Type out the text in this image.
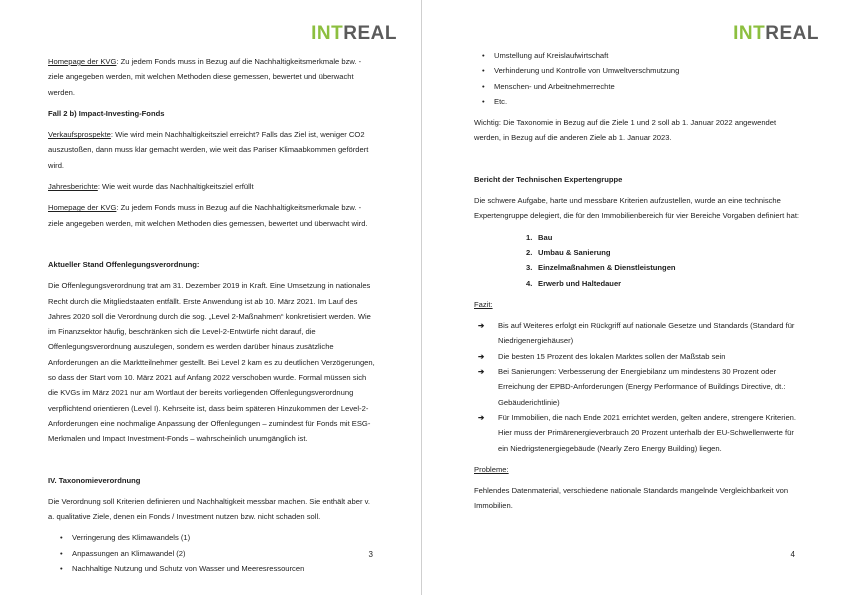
INTREAL

Homepage der KVG: Zu jedem Fonds muss in Bezug auf die Nachhaltigkeitsmerkmale bzw. -ziele angegeben werden, mit welchen Methoden diese gemessen, bewertet und überwacht werden.

Fall 2 b) Impact-Investing-Fonds

Verkaufsprospekte: Wie wird mein Nachhaltigkeitsziel erreicht? Falls das Ziel ist, weniger CO2 auszustoßen, dann muss klar gemacht werden, wie weit das Pariser Klimaabkommen gefördert wird.

Jahresberichte: Wie weit wurde das Nachhaltigkeitsziel erfüllt

Homepage der KVG: Zu jedem Fonds muss in Bezug auf die Nachhaltigkeitsmerkmale bzw. -ziele angegeben werden, mit welchen Methoden dies gemessen, bewertet und überwacht wird.

Aktueller Stand Offenlegungsverordnung:

Die Offenlegungsverordnung trat am 31. Dezember 2019 in Kraft. Eine Umsetzung in nationales Recht durch die Mitgliedstaaten entfällt. Erste Anwendung ist ab 10. März 2021. Im Lauf des Jahres 2020 soll die Verordnung durch die sog. „Level 2-Maßnahmen“ konkretisiert werden. Wie im Finanzsektor häufig, beschränken sich die Level-2-Entwürfe nicht darauf, die Offenlegungsverordnung auszulegen, sondern es werden darüber hinaus zusätzliche Anforderungen an die Marktteilnehmer gestellt. Bei Level 2 kam es zu deutlichen Verzögerungen, so dass der Start vom 10. März 2021 auf Anfang 2022 verschoben wurde. Formal müssen sich die KVGs im März 2021 nur am Wortlaut der bereits vorliegenden Offenlegungsverordnung verpflichtend orientieren (Level I). Kehrseite ist, dass beim späteren Hinzukommen der Level-2-Anforderungen eine nochmalige Anpassung der Offenlegungen – zumindest für Fonds mit ESG-Merkmalen und Impact Investment-Fonds – wahrscheinlich unumgänglich ist.

IV. Taxonomieverordnung

Die Verordnung soll Kriterien definieren und Nachhaltigkeit messbar machen. Sie enthält aber v. a. qualitative Ziele, denen ein Fonds / Investment nutzen bzw. nicht schaden soll.

• Verringerung des Klimawandels (1)
• Anpassungen an Klimawandel (2)
• Nachhaltige Nutzung und Schutz von Wasser und Meeresressourcen
3
INTREAL
• Umstellung auf Kreislaufwirtschaft
• Verhinderung und Kontrolle von Umweltverschmutzung
• Menschen- und Arbeitnehmerrechte
• Etc.

Wichtig: Die Taxonomie in Bezug auf die Ziele 1 und 2 soll ab 1. Januar 2022 angewendet werden, in Bezug auf die anderen Ziele ab 1. Januar 2023.

Bericht der Technischen Expertengruppe

Die schwere Aufgabe, harte und messbare Kriterien aufzustellen, wurde an eine technische Expertengruppe delegiert, die für den Immobilienbereich für vier Bereiche Vorgaben definiert hat:

1. Bau
2. Umbau & Sanierung
3. Einzelmaßnahmen & Dienstleistungen
4. Erwerb und Haltedauer

Fazit:

➔	Bis auf Weiteres erfolgt ein Rückgriff auf nationale Gesetze und Standards (Standard für Niedrigenergiehäuser)
➔	Die besten 15 Prozent des lokalen Marktes sollen der Maßstab sein
➔	Bei Sanierungen: Verbesserung der Energiebilanz um mindestens 30 Prozent oder Erreichung der EPBD-Anforderungen (Energy Performance of Buildings Directive, dt.: Gebäuderichtlinie)
➔	Für Immobilien, die nach Ende 2021 errichtet werden, gelten andere, strengere Kriterien. Hier muss der Primärenergieverbrauch 20 Prozent unterhalb der EU-Schwellenwerte für ein Niedrigstenergiegebäude (Nearly Zero Energy Building) liegen.

Probleme:

Fehlendes Datenmaterial, verschiedene nationale Standards mangelnde Vergleichbarkeit von Immobilien.

4
